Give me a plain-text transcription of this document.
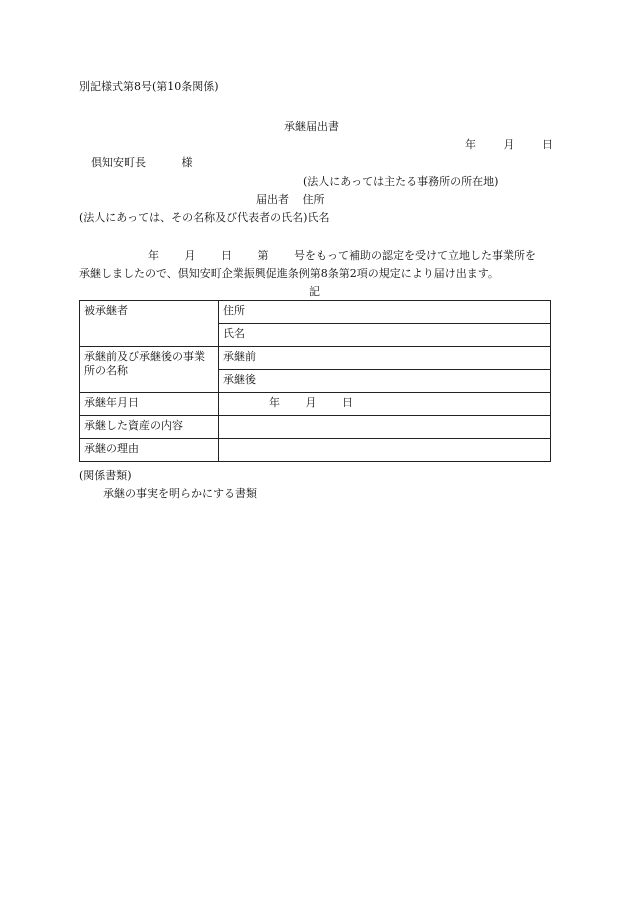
別記様式第8号(第10条関係)
承継届出書
年	月	日
倶知安町長	様
(法人にあっては主たる事務所の所在地)
届出者 住所
(法人にあっては、その名称及び代表者の氏名)氏名
年 月 日 第 号をもって補助の認定を受けて立地した事業所を
承継しましたので、倶知安町企業振興促進条例第8条第2項の規定により届け出ます。
記
被承継者	住所
	氏名

承継前及び承継後の事業
所の名称	承継前
	承継後
承継年月日	年 月 日
承継した資産の内容	
承継の理由	
(関係書類)
承継の事実を明らかにする書類
